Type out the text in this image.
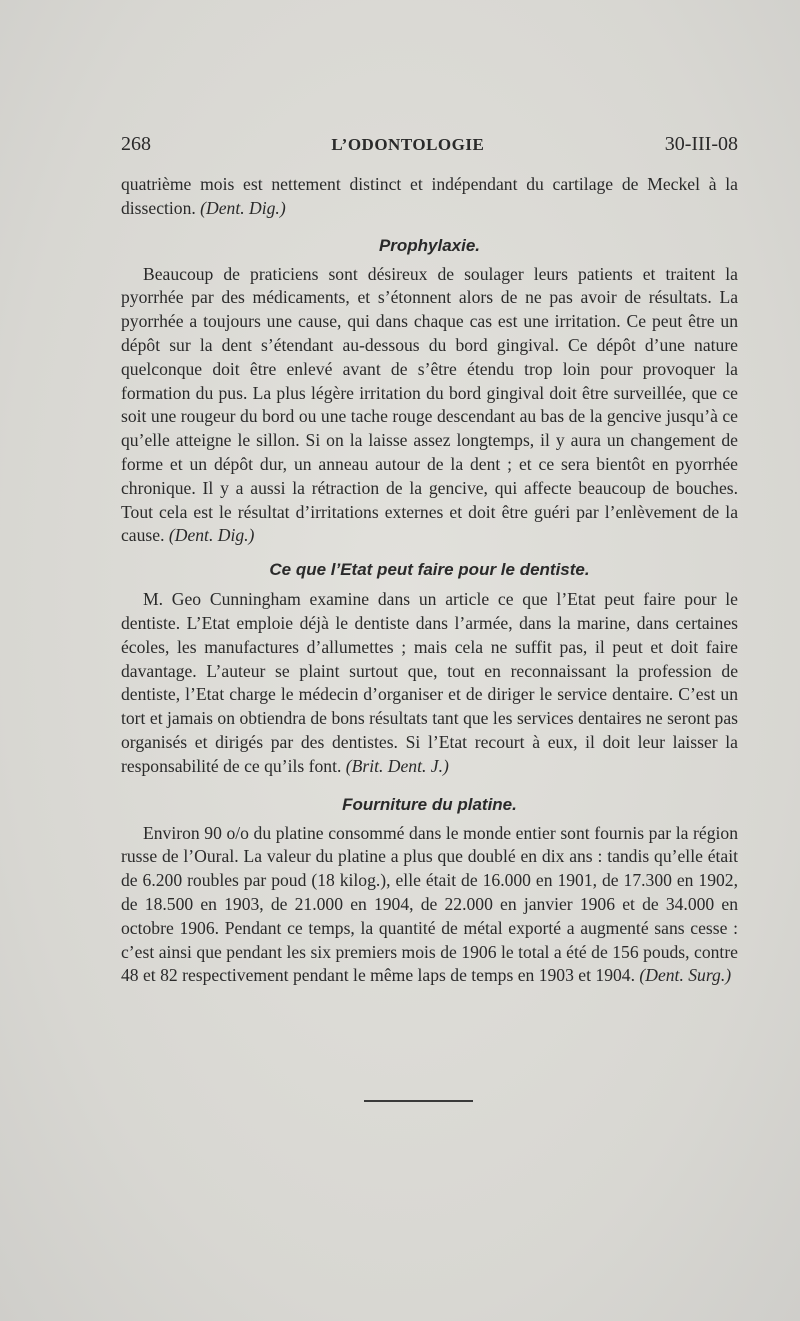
268	L’ODONTOLOGIE	30-III-08

quatrième mois est nettement distinct et indépendant du cartilage de Meckel à la dissection. (Dent. Dig.)

Prophylaxie.

Beaucoup de praticiens sont désireux de soulager leurs patients et traitent la pyorrhée par des médicaments, et s’étonnent alors de ne pas avoir de résultats. La pyorrhée a toujours une cause, qui dans chaque cas est une irritation. Ce peut être un dépôt sur la dent s’étendant au-dessous du bord gingival. Ce dépôt d’une nature quelconque doit être enlevé avant de s’être étendu trop loin pour provoquer la formation du pus. La plus légère irritation du bord gingival doit être surveillée, que ce soit une rougeur du bord ou une tache rouge descendant au bas de la gencive jusqu’à ce qu’elle atteigne le sillon. Si on la laisse assez longtemps, il y aura un changement de forme et un dépôt dur, un anneau autour de la dent ; et ce sera bientôt en pyorrhée chronique. Il y a aussi la rétraction de la gencive, qui affecte beaucoup de bouches. Tout cela est le résultat d’irritations externes et doit être guéri par l’enlèvement de la cause. (Dent. Dig.)

Ce que l’Etat peut faire pour le dentiste.

M. Geo Cunningham examine dans un article ce que l’Etat peut faire pour le dentiste. L’Etat emploie déjà le dentiste dans l’armée, dans la marine, dans certaines écoles, les manufactures d’allumettes ; mais cela ne suffit pas, il peut et doit faire davantage. L’auteur se plaint surtout que, tout en reconnaissant la profession de dentiste, l’Etat charge le médecin d’organiser et de diriger le service dentaire. C’est un tort et jamais on obtiendra de bons résultats tant que les services dentaires ne seront pas organisés et dirigés par des dentistes. Si l’Etat recourt à eux, il doit leur laisser la responsabilité de ce qu’ils font. (Brit. Dent. J.)

Fourniture du platine.

Environ 90 o/o du platine consommé dans le monde entier sont fournis par la région russe de l’Oural. La valeur du platine a plus que doublé en dix ans : tandis qu’elle était de 6.200 roubles par poud (18 kilog.), elle était de 16.000 en 1901, de 17.300 en 1902, de 18.500 en 1903, de 21.000 en 1904, de 22.000 en janvier 1906 et de 34.000 en octobre 1906. Pendant ce temps, la quantité de métal exporté a augmenté sans cesse : c’est ainsi que pendant les six premiers mois de 1906 le total a été de 156 pouds, contre 48 et 82 respectivement pendant le même laps de temps en 1903 et 1904. (Dent. Surg.)
